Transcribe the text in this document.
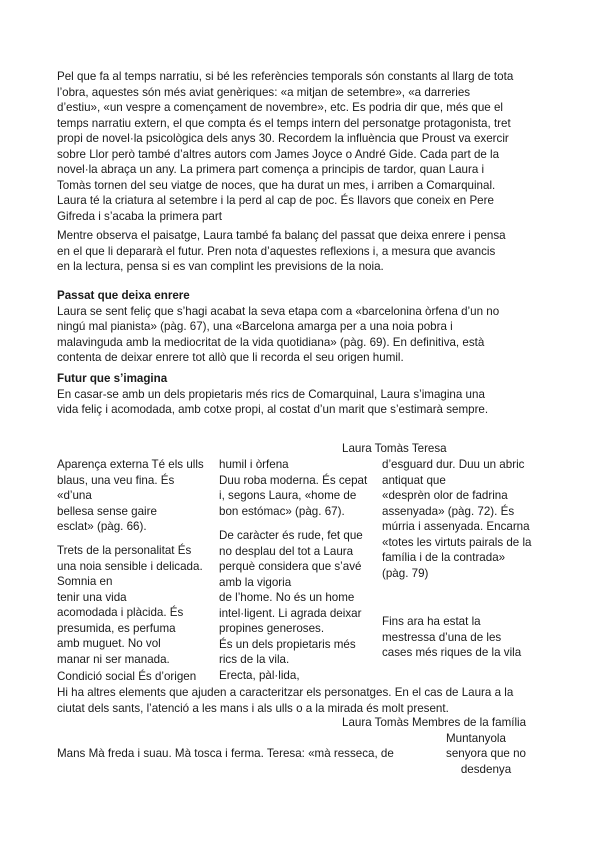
Pel que fa al temps narratiu, si bé les referències temporals són constants al llarg de tota
l’obra, aquestes són més aviat genèriques: «a mitjan de setembre», «a darreries
d’estiu», «un vespre a començament de novembre», etc. Es podria dir que, més que el
temps narratiu extern, el que compta és el temps intern del personatge protagonista, tret
propi de novel·la psicològica dels anys 30. Recordem la influència que Proust va exercir
sobre Llor però també d’altres autors com James Joyce o André Gide. Cada part de la
novel·la abraça un any. La primera part comença a principis de tardor, quan Laura i
Tomàs tornen del seu viatge de noces, que ha durat un mes, i arriben a Comarquinal.
Laura té la criatura al setembre i la perd al cap de poc. És llavors que coneix en Pere
Gifreda i s’acaba la primera part
Mentre observa el paisatge, Laura també fa balanç del passat que deixa enrere i pensa
en el que li depararà el futur. Pren nota d’aquestes reflexions i, a mesura que avancis
en la lectura, pensa si es van complint les previsions de la noia.
Passat que deixa enrere
Laura se sent feliç que s’hagi acabat la seva etapa com a «barcelonina òrfena d’un no
ningú mal pianista» (pàg. 67), una «Barcelona amarga per a una noia pobra i
malavinguda amb la mediocritat de la vida quotidiana» (pàg. 69). En definitiva, està
contenta de deixar enrere tot allò que li recorda el seu origen humil.
Futur que s’imagina
En casar-se amb un dels propietaris més rics de Comarquinal, Laura s’imagina una
vida feliç i acomodada, amb cotxe propi, al costat d’un marit que s’estimarà sempre.
Laura Tomàs Teresa
Aparença externa Té els ulls
blaus, una veu fina. És
«d’una
bellesa sense gaire
esclat» (pàg. 66).
Trets de la personalitat És
una noia sensible i delicada.
Somnia en
tenir una vida
acomodada i plàcida. És
presumida, es perfuma
amb muguet. No vol
manar ni ser manada.
Condició social És d’origen
humil i òrfena
Duu roba moderna. És cepat
i, segons Laura, «home de
bon estómac» (pàg. 67).
De caràcter és rude, fet que
no desplau del tot a Laura
perquè considera que s’avé
amb la vigoria
de l’home. No és un home
intel·ligent. Li agrada deixar
propines generoses.
És un dels propietaris més
rics de la vila.
Erecta, pàl·lida,
d’esguard dur. Duu un abric
antiquat que
«desprèn olor de fadrina
assenyada» (pàg. 72). És
múrria i assenyada. Encarna
«totes les virtuts pairals de la
família i de la contrada»
(pàg. 79)
Fins ara ha estat la
mestressa d’una de les
cases més riques de la vila
Hi ha altres elements que ajuden a caracteritzar els personatges. En el cas de Laura a la
ciutat dels sants, l’atenció a les mans i als ulls o a la mirada és molt present.
Laura Tomàs Membres de la família
Muntanyola
Mans Mà freda i suau. Mà tosca i ferma. Teresa: «mà resseca, de	senyora que no
desdenya
